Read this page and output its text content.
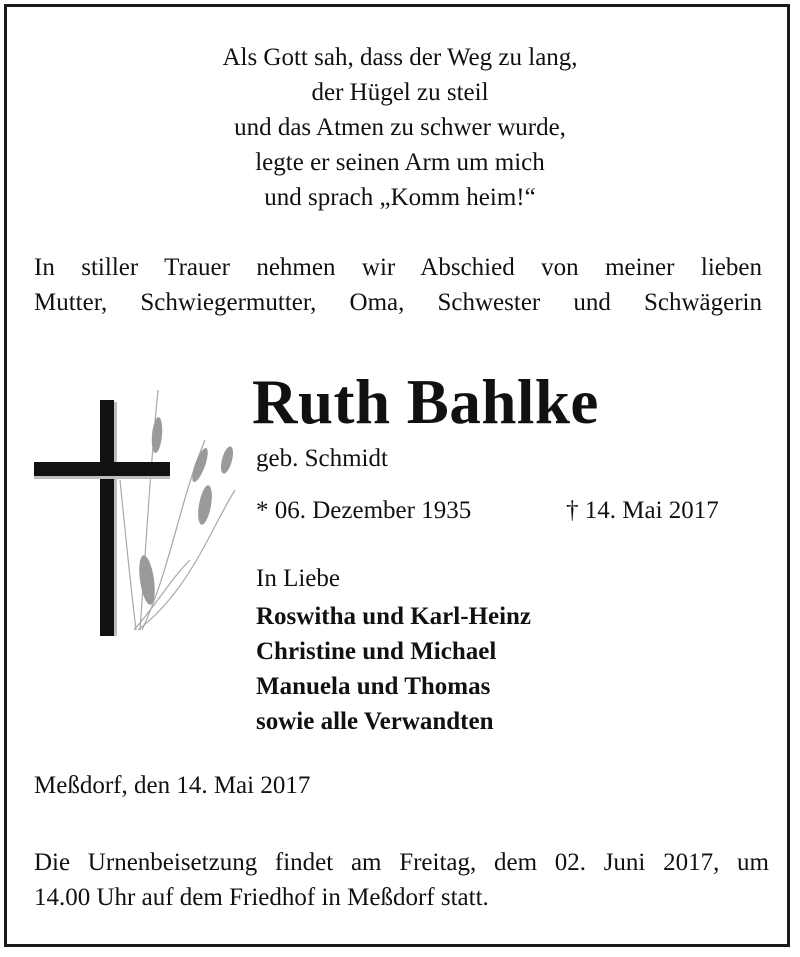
Als Gott sah, dass der Weg zu lang,
der Hügel zu steil
und das Atmen zu schwer wurde,
legte er seinen Arm um mich
und sprach „Komm heim!“
In stiller Trauer nehmen wir Abschied von meiner lieben
Mutter, Schwiegermutter, Oma, Schwester und Schwägerin
Ruth Bahlke
geb. Schmidt
* 06. Dezember 1935	† 14. Mai 2017
In Liebe
Roswitha und Karl-Heinz
Christine und Michael
Manuela und Thomas
sowie alle Verwandten
Meßdorf, den 14. Mai 2017
Die Urnenbeisetzung findet am Freitag, dem 02. Juni 2017, um
14.00 Uhr auf dem Friedhof in Meßdorf statt.
